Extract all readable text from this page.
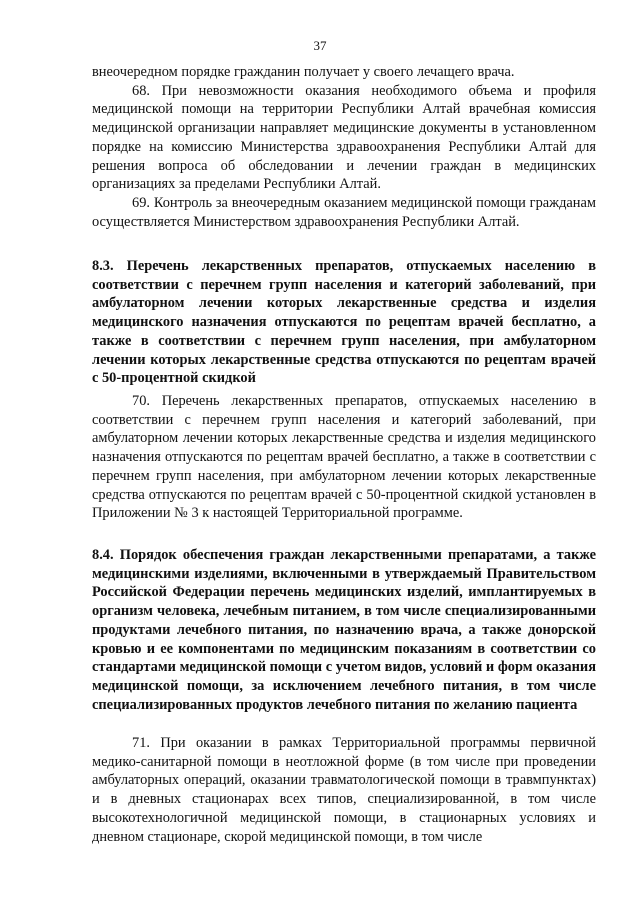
37

внеочередном порядке гражданин получает у своего лечащего врача.

68. При невозможности оказания необходимого объема и профиля медицинской помощи на территории Республики Алтай врачебная комиссия медицинской организации направляет медицинские документы в установленном порядке на комиссию Министерства здравоохранения Республики Алтай для решения вопроса об обследовании и лечении граждан в медицинских организациях за пределами Республики Алтай.

69. Контроль за внеочередным оказанием медицинской помощи гражданам осуществляется Министерством здравоохранения Республики Алтай.

8.3. Перечень лекарственных препаратов, отпускаемых населению в соответствии с перечнем групп населения и категорий заболеваний, при амбулаторном лечении которых лекарственные средства и изделия медицинского назначения отпускаются по рецептам врачей бесплатно, а также в соответствии с перечнем групп населения, при амбулаторном лечении которых лекарственные средства отпускаются по рецептам врачей с 50-процентной скидкой

70. Перечень лекарственных препаратов, отпускаемых населению в соответствии с перечнем групп населения и категорий заболеваний, при амбулаторном лечении которых лекарственные средства и изделия медицинского назначения отпускаются по рецептам врачей бесплатно, а также в соответствии с перечнем групп населения, при амбулаторном лечении которых лекарственные средства отпускаются по рецептам врачей с 50-процентной скидкой установлен в Приложении № 3 к настоящей Территориальной программе.

8.4. Порядок обеспечения граждан лекарственными препаратами, а также медицинскими изделиями, включенными в утверждаемый Правительством Российской Федерации перечень медицинских изделий, имплантируемых в организм человека, лечебным питанием, в том числе специализированными продуктами лечебного питания, по назначению врача, а также донорской кровью и ее компонентами по медицинским показаниям в соответствии со стандартами медицинской помощи с учетом видов, условий и форм оказания медицинской помощи, за исключением лечебного питания, в том числе специализированных продуктов лечебного питания по желанию пациента

71. При оказании в рамках Территориальной программы первичной медико-санитарной помощи в неотложной форме (в том числе при проведении амбулаторных операций, оказании травматологической помощи в травмпунктах) и в дневных стационарах всех типов, специализированной, в том числе высокотехнологичной медицинской помощи, в стационарных условиях и дневном стационаре, скорой медицинской помощи, в том числе
